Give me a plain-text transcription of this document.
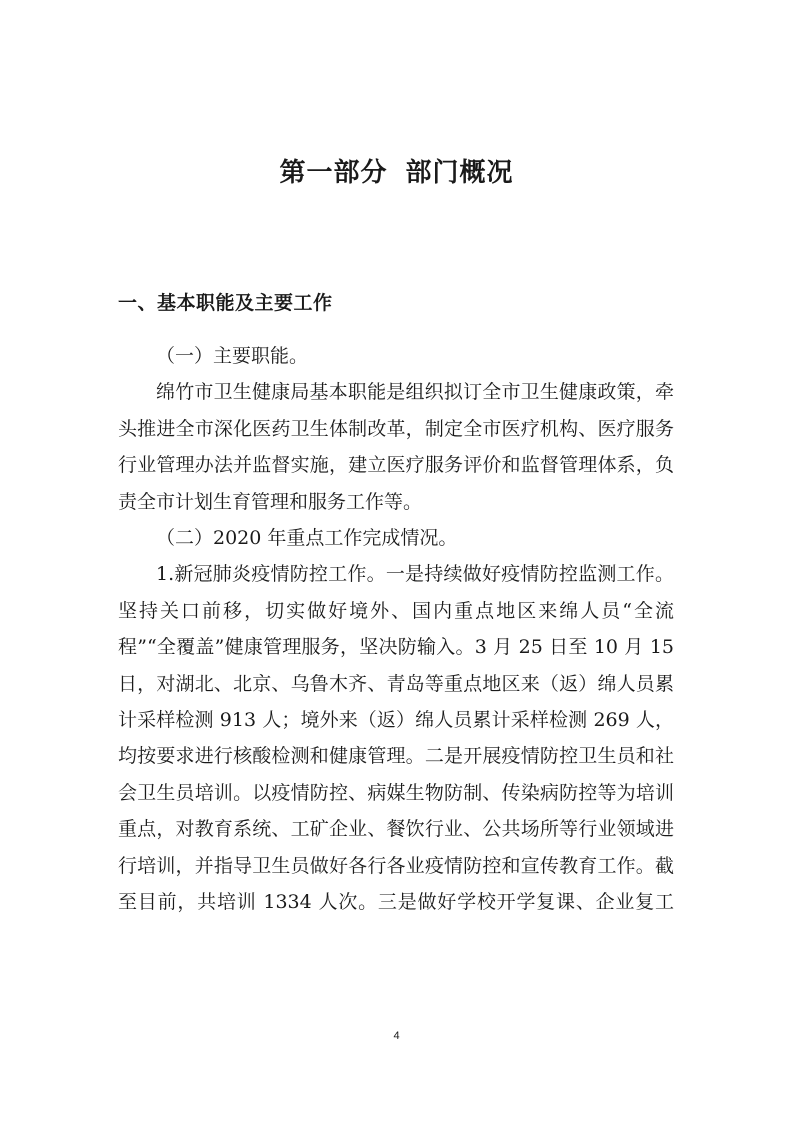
第一部分 部门概况
一、基本职能及主要工作

（一）主要职能。

绵竹市卫生健康局基本职能是组织拟订全市卫生健康政策，牵头推进全市深化医药卫生体制改革，制定全市医疗机构、医疗服务行业管理办法并监督实施，建立医疗服务评价和监督管理体系，负责全市计划生育管理和服务工作等。

（二）2020 年重点工作完成情况。

1.新冠肺炎疫情防控工作。一是持续做好疫情防控监测工作。坚持关口前移，切实做好境外、国内重点地区来绵人员“全流程”“全覆盖”健康管理服务，坚决防输入。3 月 25 日至 10 月 15 日，对湖北、北京、乌鲁木齐、青岛等重点地区来（返）绵人员累计采样检测 913 人；境外来（返）绵人员累计采样检测 269 人，均按要求进行核酸检测和健康管理。二是开展疫情防控卫生员和社会卫生员培训。以疫情防控、病媒生物防制、传染病防控等为培训重点，对教育系统、工矿企业、餐饮行业、公共场所等行业领域进行培训，并指导卫生员做好各行各业疫情防控和宣传教育工作。截至目前，共培训 1334 人次。三是做好学校开学复课、企业复工

4
